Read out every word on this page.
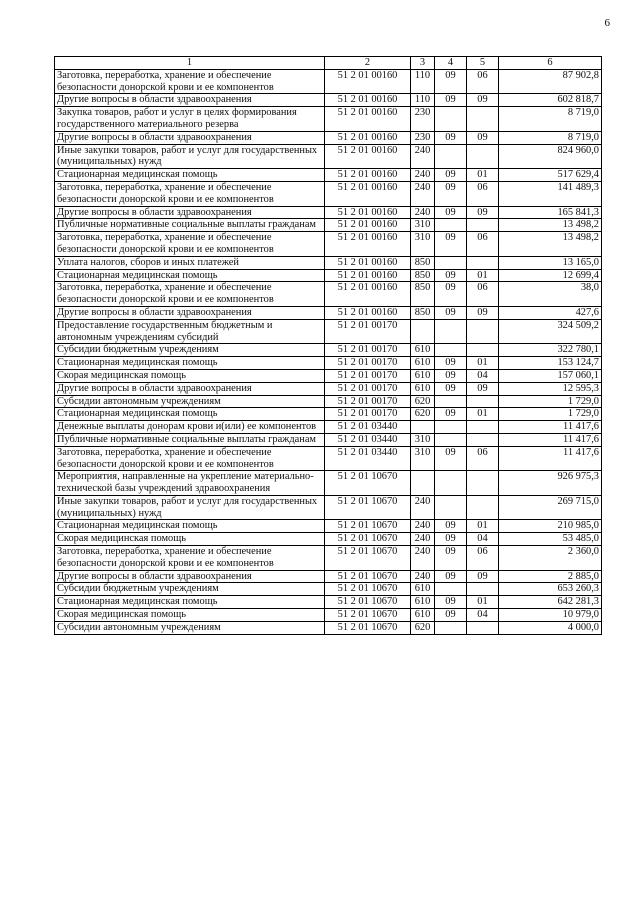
6
1	2	3	4	5	6
Заготовка, переработка, хранение и обеспечение безопасности донорской крови и ее компонентов	51 2 01 00160	110	09	06	87 902,8
Другие вопросы в области здравоохранения	51 2 01 00160	110	09	09	602 818,7
Закупка товаров, работ и услуг в целях формирования государственного материального резерва	51 2 01 00160	230			8 719,0
Другие вопросы в области здравоохранения	51 2 01 00160	230	09	09	8 719,0
Иные закупки товаров, работ и услуг для государственных (муниципальных) нужд	51 2 01 00160	240			824 960,0
Стационарная медицинская помощь	51 2 01 00160	240	09	01	517 629,4
Заготовка, переработка, хранение и обеспечение безопасности донорской крови и ее компонентов	51 2 01 00160	240	09	06	141 489,3
Другие вопросы в области здравоохранения	51 2 01 00160	240	09	09	165 841,3
Публичные нормативные социальные выплаты гражданам	51 2 01 00160	310			13 498,2
Заготовка, переработка, хранение и обеспечение безопасности донорской крови и ее компонентов	51 2 01 00160	310	09	06	13 498,2
Уплата налогов, сборов и иных платежей	51 2 01 00160	850			13 165,0
Стационарная медицинская помощь	51 2 01 00160	850	09	01	12 699,4
Заготовка, переработка, хранение и обеспечение безопасности донорской крови и ее компонентов	51 2 01 00160	850	09	06	38,0
Другие вопросы в области здравоохранения	51 2 01 00160	850	09	09	427,6
Предоставление государственным бюджетным и автономным учреждениям субсидий	51 2 01 00170				324 509,2
Субсидии бюджетным учреждениям	51 2 01 00170	610			322 780,1
Стационарная медицинская помощь	51 2 01 00170	610	09	01	153 124,7
Скорая медицинская помощь	51 2 01 00170	610	09	04	157 060,1
Другие вопросы в области здравоохранения	51 2 01 00170	610	09	09	12 595,3
Субсидии автономным учреждениям	51 2 01 00170	620			1 729,0
Стационарная медицинская помощь	51 2 01 00170	620	09	01	1 729,0
Денежные выплаты донорам крови и(или) ее компонентов	51 2 01 03440				11 417,6
Публичные нормативные социальные выплаты гражданам	51 2 01 03440	310			11 417,6
Заготовка, переработка, хранение и обеспечение безопасности донорской крови и ее компонентов	51 2 01 03440	310	09	06	11 417,6
Мероприятия, направленные на укрепление материально-технической базы учреждений здравоохранения	51 2 01 10670				926 975,3
Иные закупки товаров, работ и услуг для государственных (муниципальных) нужд	51 2 01 10670	240			269 715,0
Стационарная медицинская помощь	51 2 01 10670	240	09	01	210 985,0
Скорая медицинская помощь	51 2 01 10670	240	09	04	53 485,0
Заготовка, переработка, хранение и обеспечение безопасности донорской крови и ее компонентов	51 2 01 10670	240	09	06	2 360,0
Другие вопросы в области здравоохранения	51 2 01 10670	240	09	09	2 885,0
Субсидии бюджетным учреждениям	51 2 01 10670	610			653 260,3
Стационарная медицинская помощь	51 2 01 10670	610	09	01	642 281,3
Скорая медицинская помощь	51 2 01 10670	610	09	04	10 979,0
Субсидии автономным учреждениям	51 2 01 10670	620			4 000,0
